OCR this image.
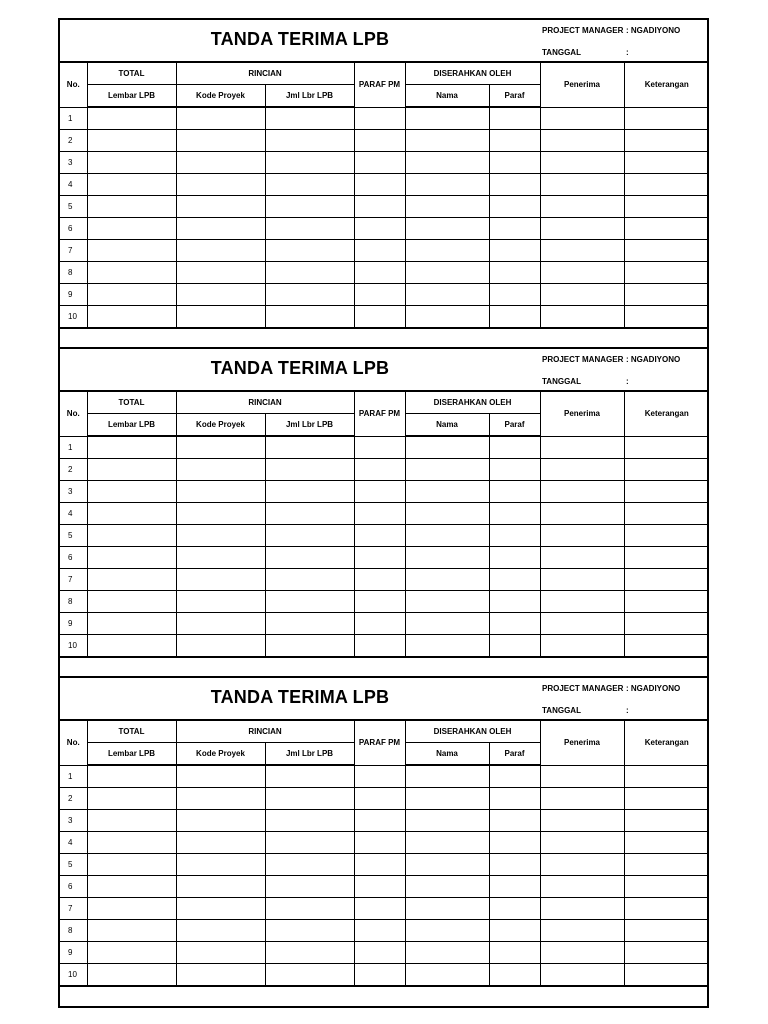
TANDA TERIMA LPB	PROJECT MANAGER : NGADIYONO
TANGGAL	:
No.	TOTAL	RINCIAN		PARAF PM	DISERAHKAN OLEH		Penerima	Keterangan
	Lembar LPB	Kode Proyek	Jml Lbr LPB		Nama	Paraf		
1								
2								
3								
4								
5								
6								
7								
8								
9								
10								
TANDA TERIMA LPB	PROJECT MANAGER : NGADIYONO
TANGGAL	:
No.	TOTAL	RINCIAN		PARAF PM	DISERAHKAN OLEH		Penerima	Keterangan
	Lembar LPB	Kode Proyek	Jml Lbr LPB		Nama	Paraf		
1								
2								
3								
4								
5								
6								
7								
8								
9								
10								
TANDA TERIMA LPB	PROJECT MANAGER : NGADIYONO
TANGGAL	:
No.	TOTAL	RINCIAN		PARAF PM	DISERAHKAN OLEH		Penerima	Keterangan
	Lembar LPB	Kode Proyek	Jml Lbr LPB		Nama	Paraf		
1								
2								
3								
4								
5								
6								
7								
8								
9								
10								
